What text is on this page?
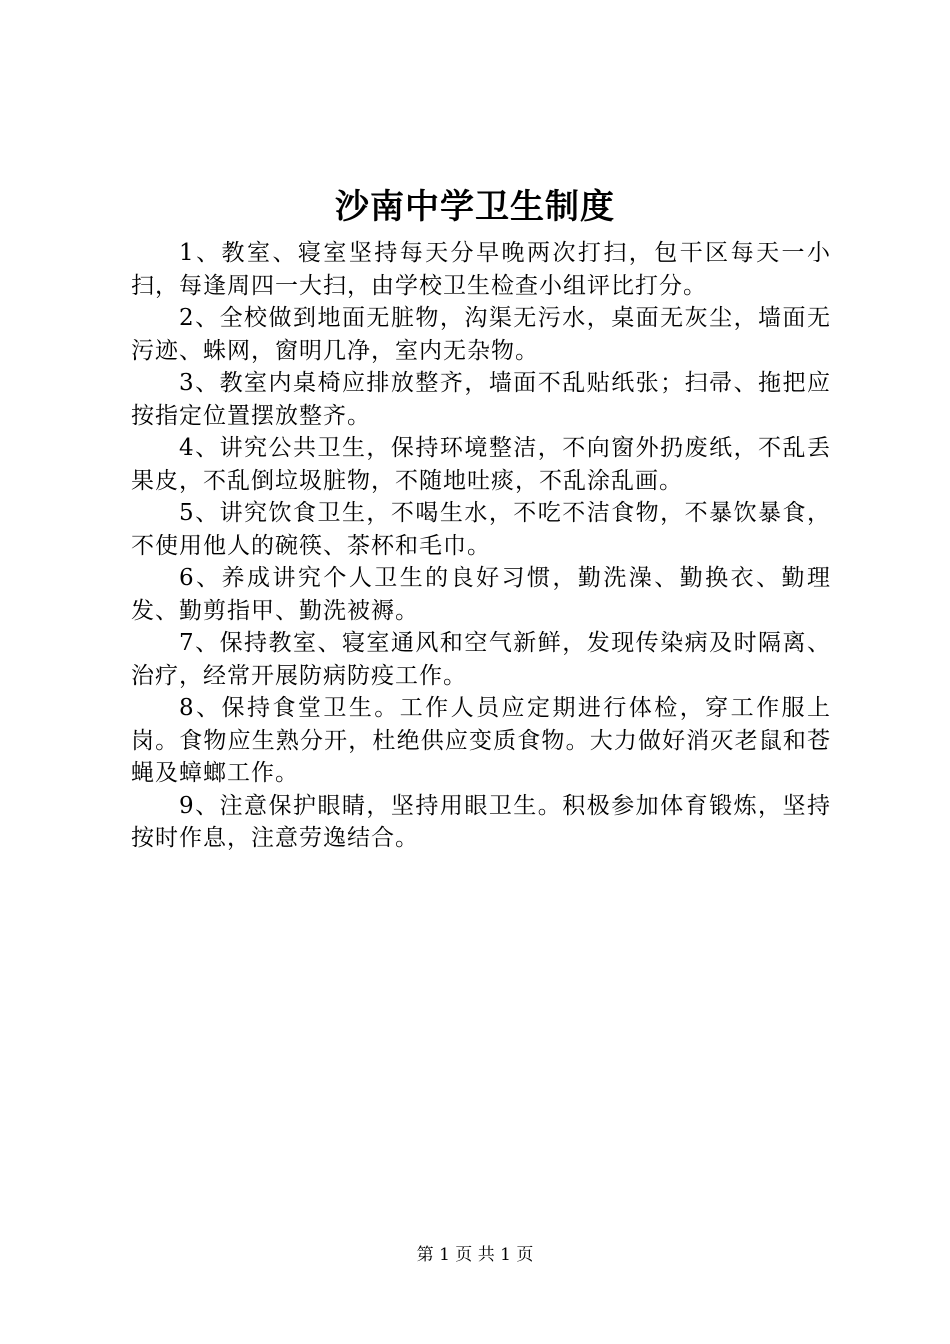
沙南中学卫生制度

1、教室、寝室坚持每天分早晚两次打扫，包干区每天一小扫，每逢周四一大扫，由学校卫生检查小组评比打分。

2、全校做到地面无脏物，沟渠无污水，桌面无灰尘，墙面无污迹、蛛网，窗明几净，室内无杂物。

3、教室内桌椅应排放整齐，墙面不乱贴纸张；扫帚、拖把应按指定位置摆放整齐。

4、讲究公共卫生，保持环境整洁，不向窗外扔废纸，不乱丢果皮，不乱倒垃圾脏物，不随地吐痰，不乱涂乱画。

5、讲究饮食卫生，不喝生水，不吃不洁食物，不暴饮暴食，不使用他人的碗筷、茶杯和毛巾。

6、养成讲究个人卫生的良好习惯，勤洗澡、勤换衣、勤理发、勤剪指甲、勤洗被褥。

7、保持教室、寝室通风和空气新鲜，发现传染病及时隔离、治疗，经常开展防病防疫工作。

8、保持食堂卫生。工作人员应定期进行体检，穿工作服上岗。食物应生熟分开，杜绝供应变质食物。大力做好消灭老鼠和苍蝇及蟑螂工作。

9、注意保护眼睛，坚持用眼卫生。积极参加体育锻炼，坚持按时作息，注意劳逸结合。

第 1 页 共 1 页
